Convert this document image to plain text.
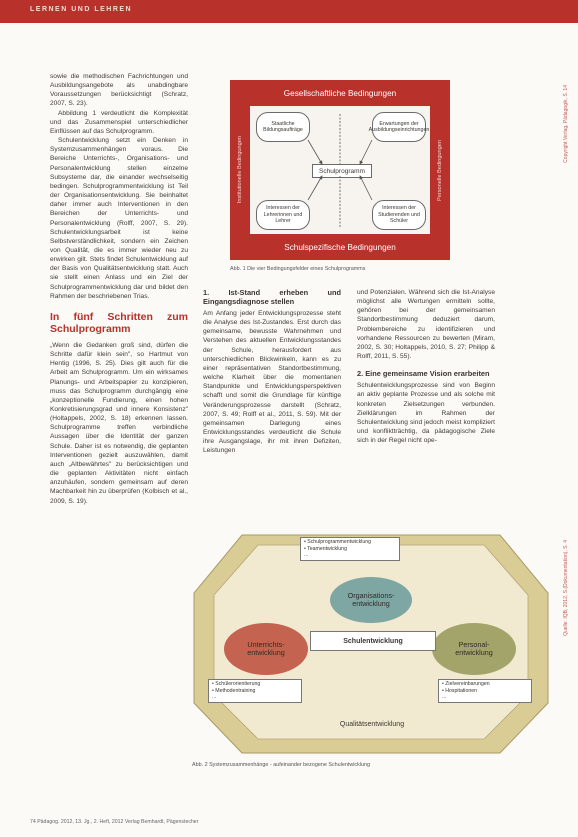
LERNEN UND LEHREN

sowie die methodischen Fachrichtungen und Ausbildungsangebote als unabdingbare Voraussetzungen berücksichtigt (Schratz, 2007, S. 23).

Abbildung 1 verdeutlicht die Komplexität und das Zusammenspiel unterschiedlicher Einflüssen auf das Schulprogramm.

Schulentwicklung setzt ein Denken in Systemzusammenhängen voraus. Die Bereiche Unterrichts-, Organisations- und Personalentwicklung stellen einzelne Subsysteme dar, die einander wechselseitig bedingen. Schulprogrammentwicklung ist Teil der Organisationsentwicklung. Sie beinhaltet daher immer auch Interventionen in den Bereichen der Unterrichts- und Personalentwicklung (Rolff, 2007, S. 29). Schulentwicklungsarbeit ist keine Selbstverständlichkeit, sondern ein Zeichen von Qualität, die es immer wieder neu zu erwirken gilt. Stets findet Schulentwicklung auf der Basis von Qualitätsentwicklung statt. Auch sie stellt einen Anlass und ein Ziel der Schulprogrammentwicklung dar und bildet den Rahmen der beschriebenen Trias.

In fünf Schritten zum Schulprogramm

„Wenn die Gedanken groß sind, dürfen die Schritte dafür klein sein", so Hartmut von Hentig (1996, S. 25). Dies gilt auch für die Arbeit am Schulprogramm. Um ein wirksames Planungs- und Arbeitspapier zu konzipieren, muss das Schulprogramm durchgängig eine „konzeptionelle Fundierung, einen hohen Konkretisierungsgrad und innere Konsistenz" (Holtappels, 2002, S. 18) erkennen lassen. Schulprogramme treffen verbindliche Aussagen über die Identität der ganzen Schule. Daher ist es notwendig, die geplanten Interventionen gezielt auszuwählen, damit auch „Altbewährtes" zu berücksichtigen und die geplanten Aktivitäten nicht einfach anzuhäufen, sondern gemeinsam auf deren Machbarkeit hin zu überprüfen (Kolbisch et al., 2009, S. 19).

Gesellschaftliche Bedingungen
Institutionelle Bedingungen	Personelle Bedingungen
Staatliche Bildungsaufträge
Erwartungen der Ausbildungseinrichtungen
Interessen der Lehrerinnen und Lehrer
Interessen der Studierenden und Schüler
Schulprogramm
Schulspezifische Bedingungen
Abb. 1 Die vier Bedingungsfelder eines Schulprogramms
1. Ist-Stand erheben und Eingangsdiagnose stellen

Am Anfang jeder Entwicklungsprozesse steht die Analyse des Ist-Zustandes. Erst durch das gemeinsame, bewusste Wahrnehmen und Verstehen des aktuellen Entwicklungsstandes der Schule, herausfordert aus unterschiedlichen Blickwinkeln, kann es zu einer repräsentativen Standortbestimmung, welche Klarheit über die momentanen Standpunkte und Entwicklungsperspektiven schafft und somit die Grundlage für künftige Veränderungsprozesse darstellt (Schratz, 2007, S. 49; Rolff et al., 2011, S. 59). Mit der gemeinsamen Darlegung eines Entwicklungsstandes verdeutlicht die Schule ihre Ausgangslage, ihr mit ihren Defiziten, Leistungen

und Potenzialen. Während sich die Ist-Analyse möglichst alle Wertungen ermitteln sollte, gehören bei der gemeinsamen Standortbestimmung deduziert darum, Problembereiche zu identifizieren und vorhandene Ressourcen zu bewerten (Miram, 2002, S. 30; Holtappels, 2010, S. 27; Philipp & Rolff, 2011, S. 55).

2. Eine gemeinsame Vision erarbeiten

Schulentwicklungsprozesse sind von Beginn an aktiv geplante Prozesse und als solche mit konkreten Zielsetzungen verbunden. Zielklärungen im Rahmen der Schulentwicklung sind jedoch meist kompliziert und konfliktträchtig, da pädagogische Ziele sich in der Regel nicht ope-

• Schulprogrammentwicklung
• Teamentwicklung
...
Organisations-
entwicklung
Unterrichts-
entwicklung
Personal-
entwicklung
Schulentwicklung
• Schülerorientierung
• Methodentraining
...
• Zielvereinbarungen
• Hospitationen
...
Qualitätsentwicklung
Abb. 2 Systemzusammenhänge - aufeinander bezogene Schulentwicklung
Copyright Verlag, Pädagogik, S. 14
Quelle: IQB, 2012, S.(Dokumentation), S. 4
74 Pädagog. 2012, 13. Jg., 2. Heft, 2012 Verlag Bemhardt, Pägenstecher
